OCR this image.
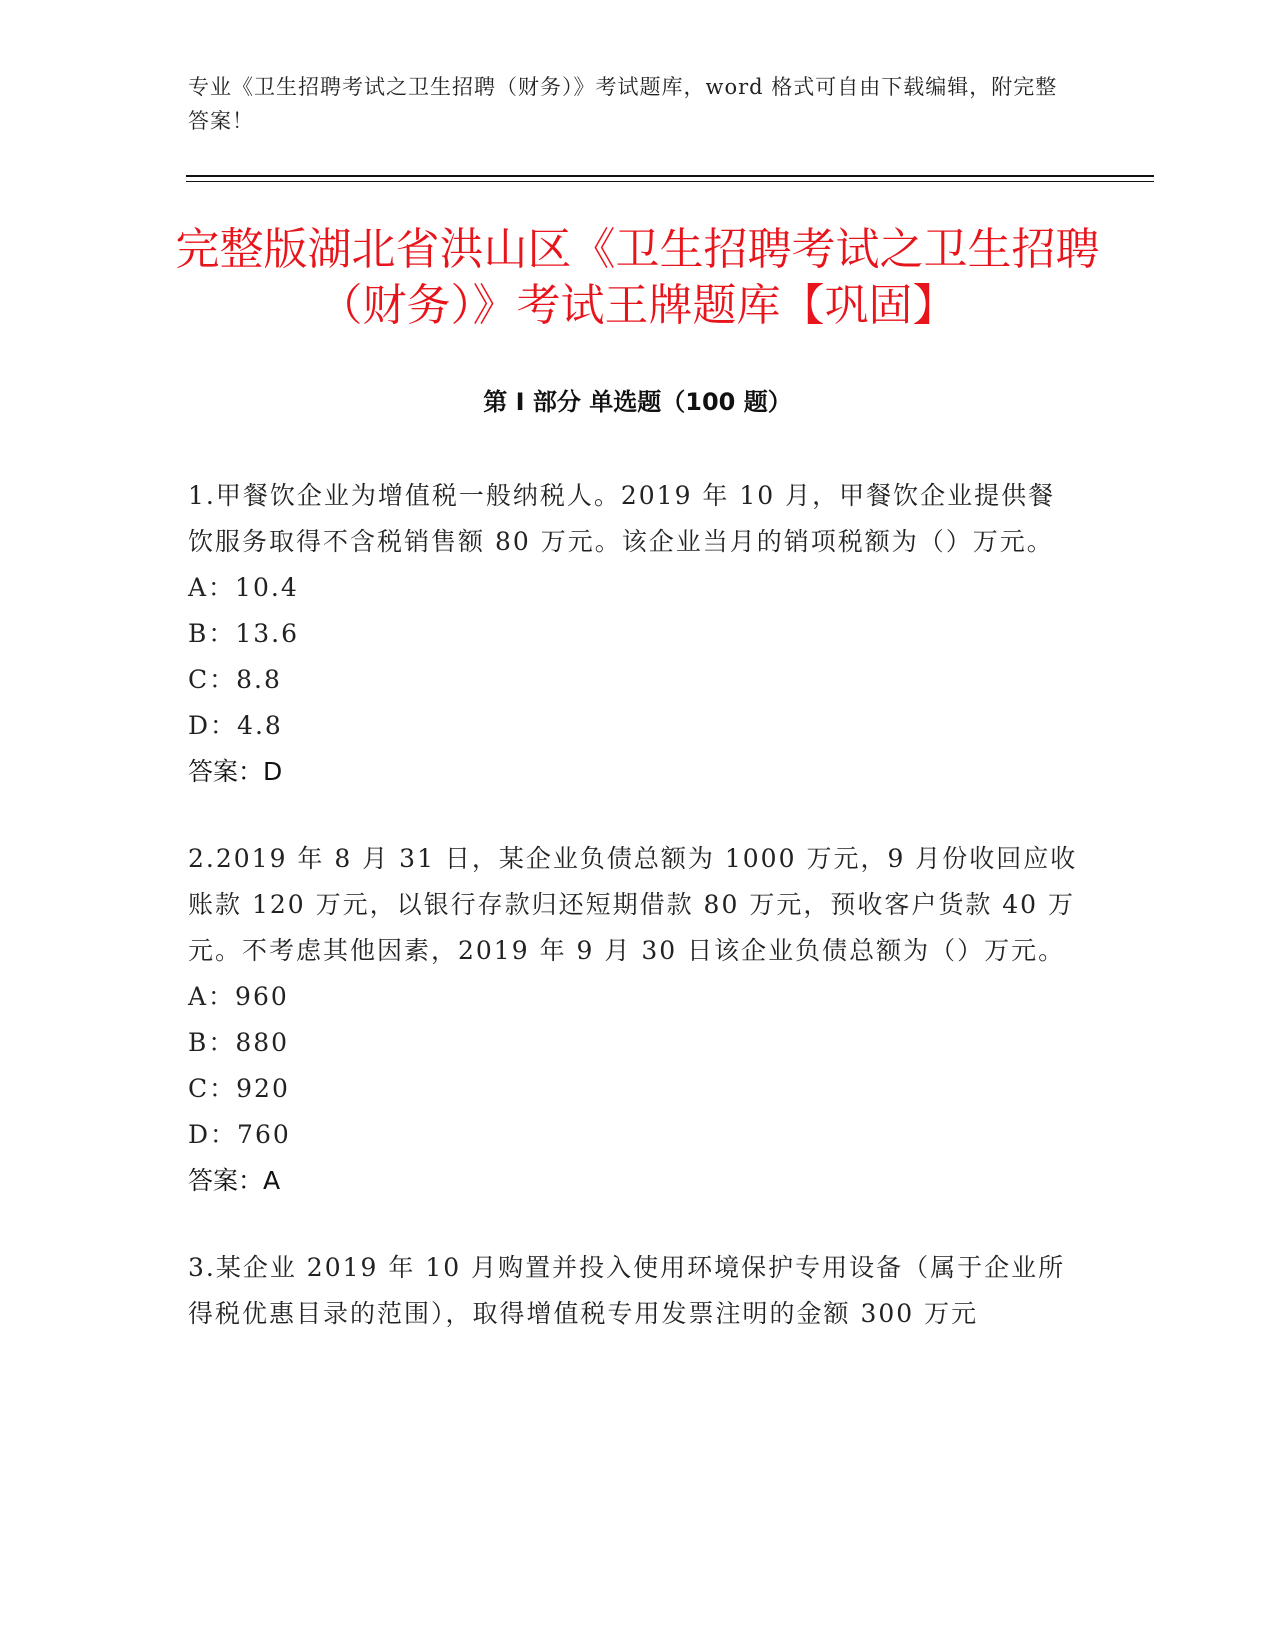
专业《卫生招聘考试之卫生招聘（财务）》考试题库，word 格式可自由下载编辑，附完整答案！
完整版湖北省洪山区《卫生招聘考试之卫生招聘（财务）》考试王牌题库【巩固】
第 I 部分 单选题（100 题）

1.甲餐饮企业为增值税一般纳税人。2019 年 10 月，甲餐饮企业提供餐饮服务取得不含税销售额 80 万元。该企业当月的销项税额为（）万元。

A：10.4

B：13.6

C：8.8

D：4.8

答案：D

2.2019 年 8 月 31 日，某企业负债总额为 1000 万元，9 月份收回应收账款 120 万元，以银行存款归还短期借款 80 万元，预收客户货款 40 万元。不考虑其他因素，2019 年 9 月 30 日该企业负债总额为（）万元。

A：960

B：880

C：920

D：760

答案：A

3.某企业 2019 年 10 月购置并投入使用环境保护专用设备（属于企业所得税优惠目录的范围），取得增值税专用发票注明的金额 300 万元
